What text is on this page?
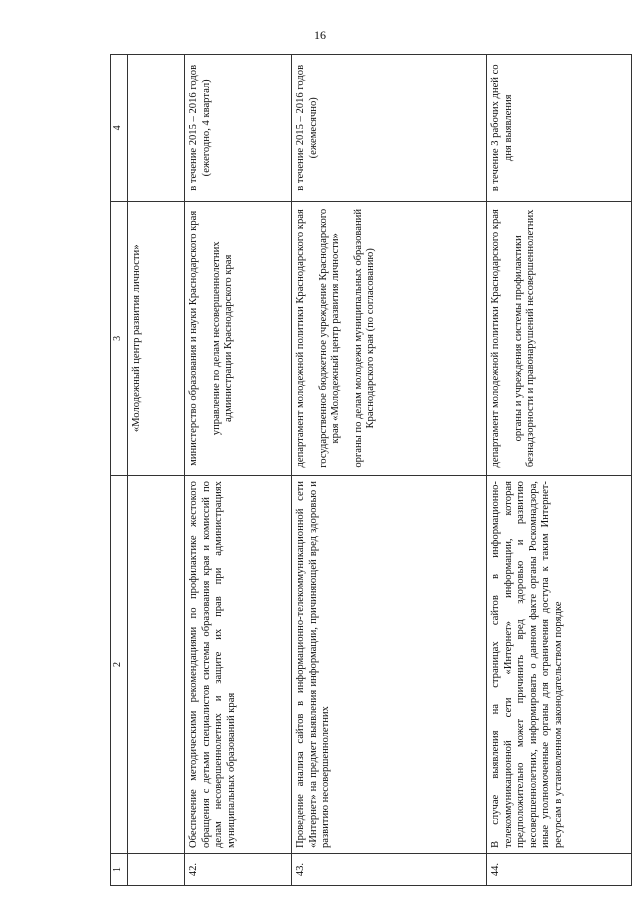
16
1	2	3	4
		«Молодежный центр развития личности»	
42.	Обеспечение методическими рекомендациями по профилактике жестокого обращения с детьми специалистов системы образования края и комиссий по делам несовершеннолетних и защите их прав при администрациях муниципальных образований края	министерство образования и науки Краснодарского края управление по делам несовершеннолетних администрации Краснодарского края	в течение 2015 – 2016 годов (ежегодно, 4 квартал)
43.	Проведение анализа сайтов в информационно-телекоммуникационной сети «Интернет» на предмет выявления информации, причиняющей вред здоровью и развитию несовершеннолетних	департамент молодежной политики Краснодарского края государственное бюджетное учреждение Краснодарского края «Молодежный центр развития личности» органы по делам молодежи муниципальных образований Краснодарского края (по согласованию)	в течение 2015 – 2016 годов (ежемесячно)
44.	В случае выявления на страницах сайтов в информационно-телекоммуникационной сети «Интернет» информации, которая предположительно может причинить вред здоровью и развитию несовершеннолетних, информировать о данном факте органы Роскомнадзора, иные уполномоченные органы для ограничения доступа к таким Интернет-ресурсам в установленном законодательством порядке	департамент молодежной политики Краснодарского края органы и учреждения системы профилактики безнадзорности и правонарушений несовершеннолетних	в течение 3 рабочих дней со дня выявления
